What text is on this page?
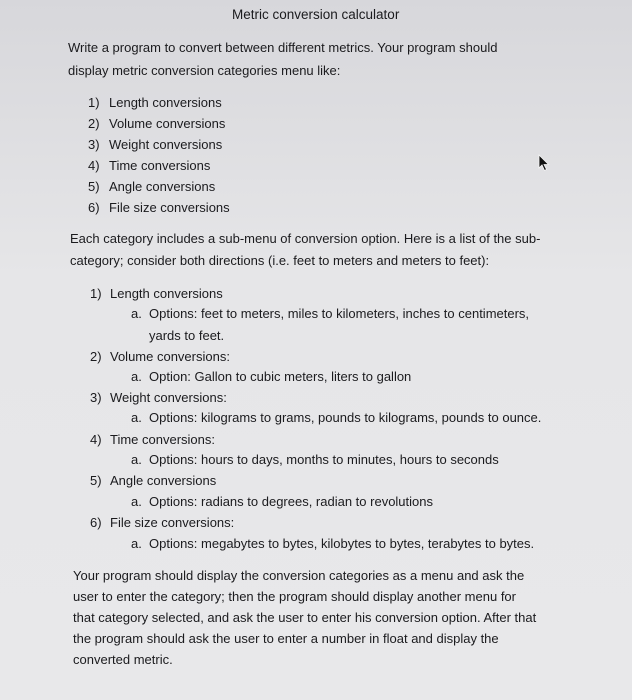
Metric conversion calculator
Write a program to convert between different metrics. Your program should
display metric conversion categories menu like:
1) Length conversions
2) Volume conversions
3) Weight conversions
4) Time conversions
5) Angle conversions
6) File size conversions
Each category includes a sub-menu of conversion option. Here is a list of the sub-
category; consider both directions (i.e. feet to meters and meters to feet):
1) Length conversions
a. Options: feet to meters, miles to kilometers, inches to centimeters,
yards to feet.
2) Volume conversions:
a. Option: Gallon to cubic meters, liters to gallon
3) Weight conversions:
a. Options: kilograms to grams, pounds to kilograms, pounds to ounce.
4) Time conversions:
a. Options: hours to days, months to minutes, hours to seconds
5) Angle conversions
a. Options: radians to degrees, radian to revolutions
6) File size conversions:
a. Options: megabytes to bytes, kilobytes to bytes, terabytes to bytes.
Your program should display the conversion categories as a menu and ask the
user to enter the category; then the program should display another menu for
that category selected, and ask the user to enter his conversion option. After that
the program should ask the user to enter a number in float and display the
converted metric.
